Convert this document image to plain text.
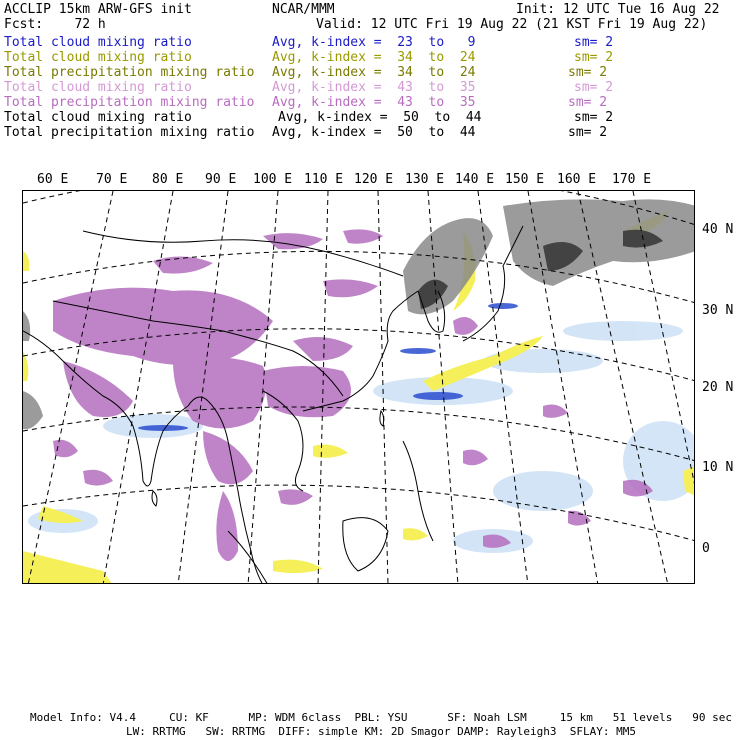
ACCLIP 15km ARW-GFS init	NCAR/MMM	Init: 12 UTC Tue 16 Aug 22
Fcst:    72 h	Valid: 12 UTC Fri 19 Aug 22 (21 KST Fri 19 Aug 22)
Total cloud mixing ratio	Avg, k-index =  23  to   9	sm= 2
Total cloud mixing ratio	Avg, k-index =  34  to  24	sm= 2
Total precipitation mixing ratio Avg, k-index =  34  to  24	sm= 2
Total cloud mixing ratio	Avg, k-index =  43  to  35	sm= 2
Total precipitation mixing ratio Avg, k-index =  43  to  35	sm= 2
Total cloud mixing ratio	Avg, k-index =  50  to  44	sm= 2
Total precipitation mixing ratio Avg, k-index =  50  to  44	sm= 2
60 E 70 E 80 E 90 E 100 E 110 E 120 E 130 E 140 E 150 E 160 E 170 E
40 N
30 N
20 N
10 N
0
Model Info: V4.4     CU: KF      MP: WDM 6class  PBL: YSU      SF: Noah LSM     15 km   51 levels   90 sec
LW: RRTMG   SW: RRTMG  DIFF: simple KM: 2D Smagor DAMP: Rayleigh3  SFLAY: MM5
